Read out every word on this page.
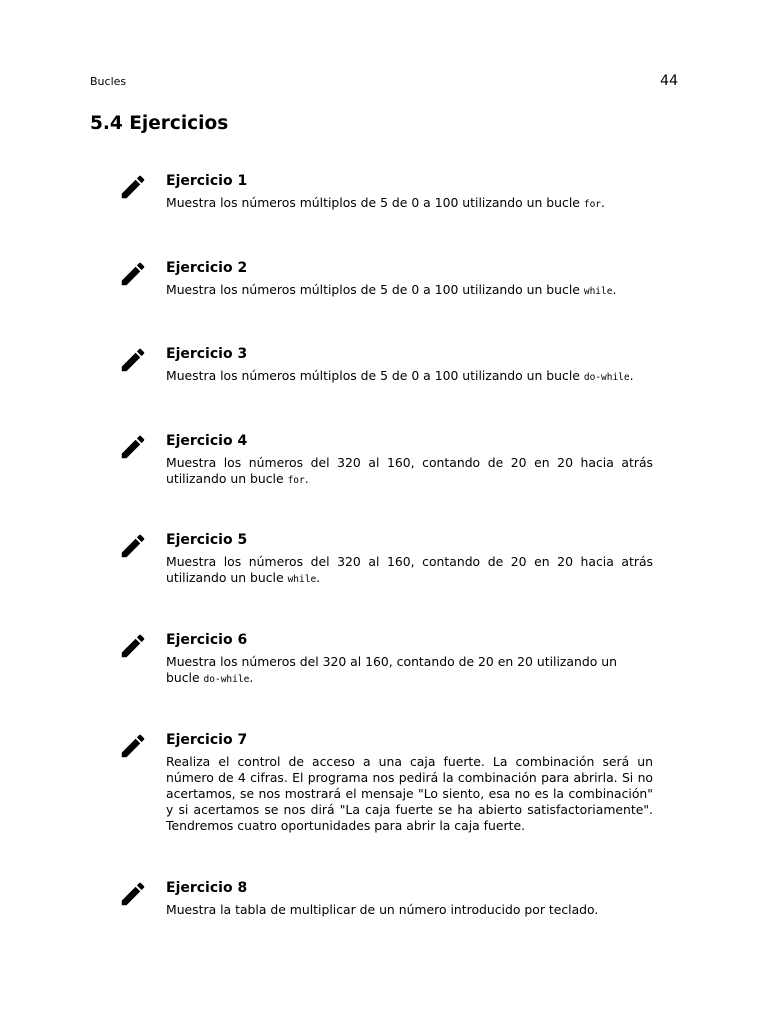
Bucles	44
5.4 Ejercicios
Ejercicio 1

Muestra los números múltiplos de 5 de 0 a 100 utilizando un bucle for.

Ejercicio 2

Muestra los números múltiplos de 5 de 0 a 100 utilizando un bucle while.

Ejercicio 3

Muestra los números múltiplos de 5 de 0 a 100 utilizando un bucle do-while.

Ejercicio 4

Muestra los números del 320 al 160, contando de 20 en 20 hacia atrás utilizando un bucle for.

Ejercicio 5

Muestra los números del 320 al 160, contando de 20 en 20 hacia atrás utilizando un bucle while.

Ejercicio 6

Muestra los números del 320 al 160, contando de 20 en 20 utilizando un bucle do-while.

Ejercicio 7

Realiza el control de acceso a una caja fuerte. La combinación será un número de 4 cifras. El programa nos pedirá la combinación para abrirla. Si no acertamos, se nos mostrará el mensaje "Lo siento, esa no es la combinación" y si acertamos se nos dirá "La caja fuerte se ha abierto satisfactoriamente". Tendremos cuatro oportunidades para abrir la caja fuerte.

Ejercicio 8

Muestra la tabla de multiplicar de un número introducido por teclado.
